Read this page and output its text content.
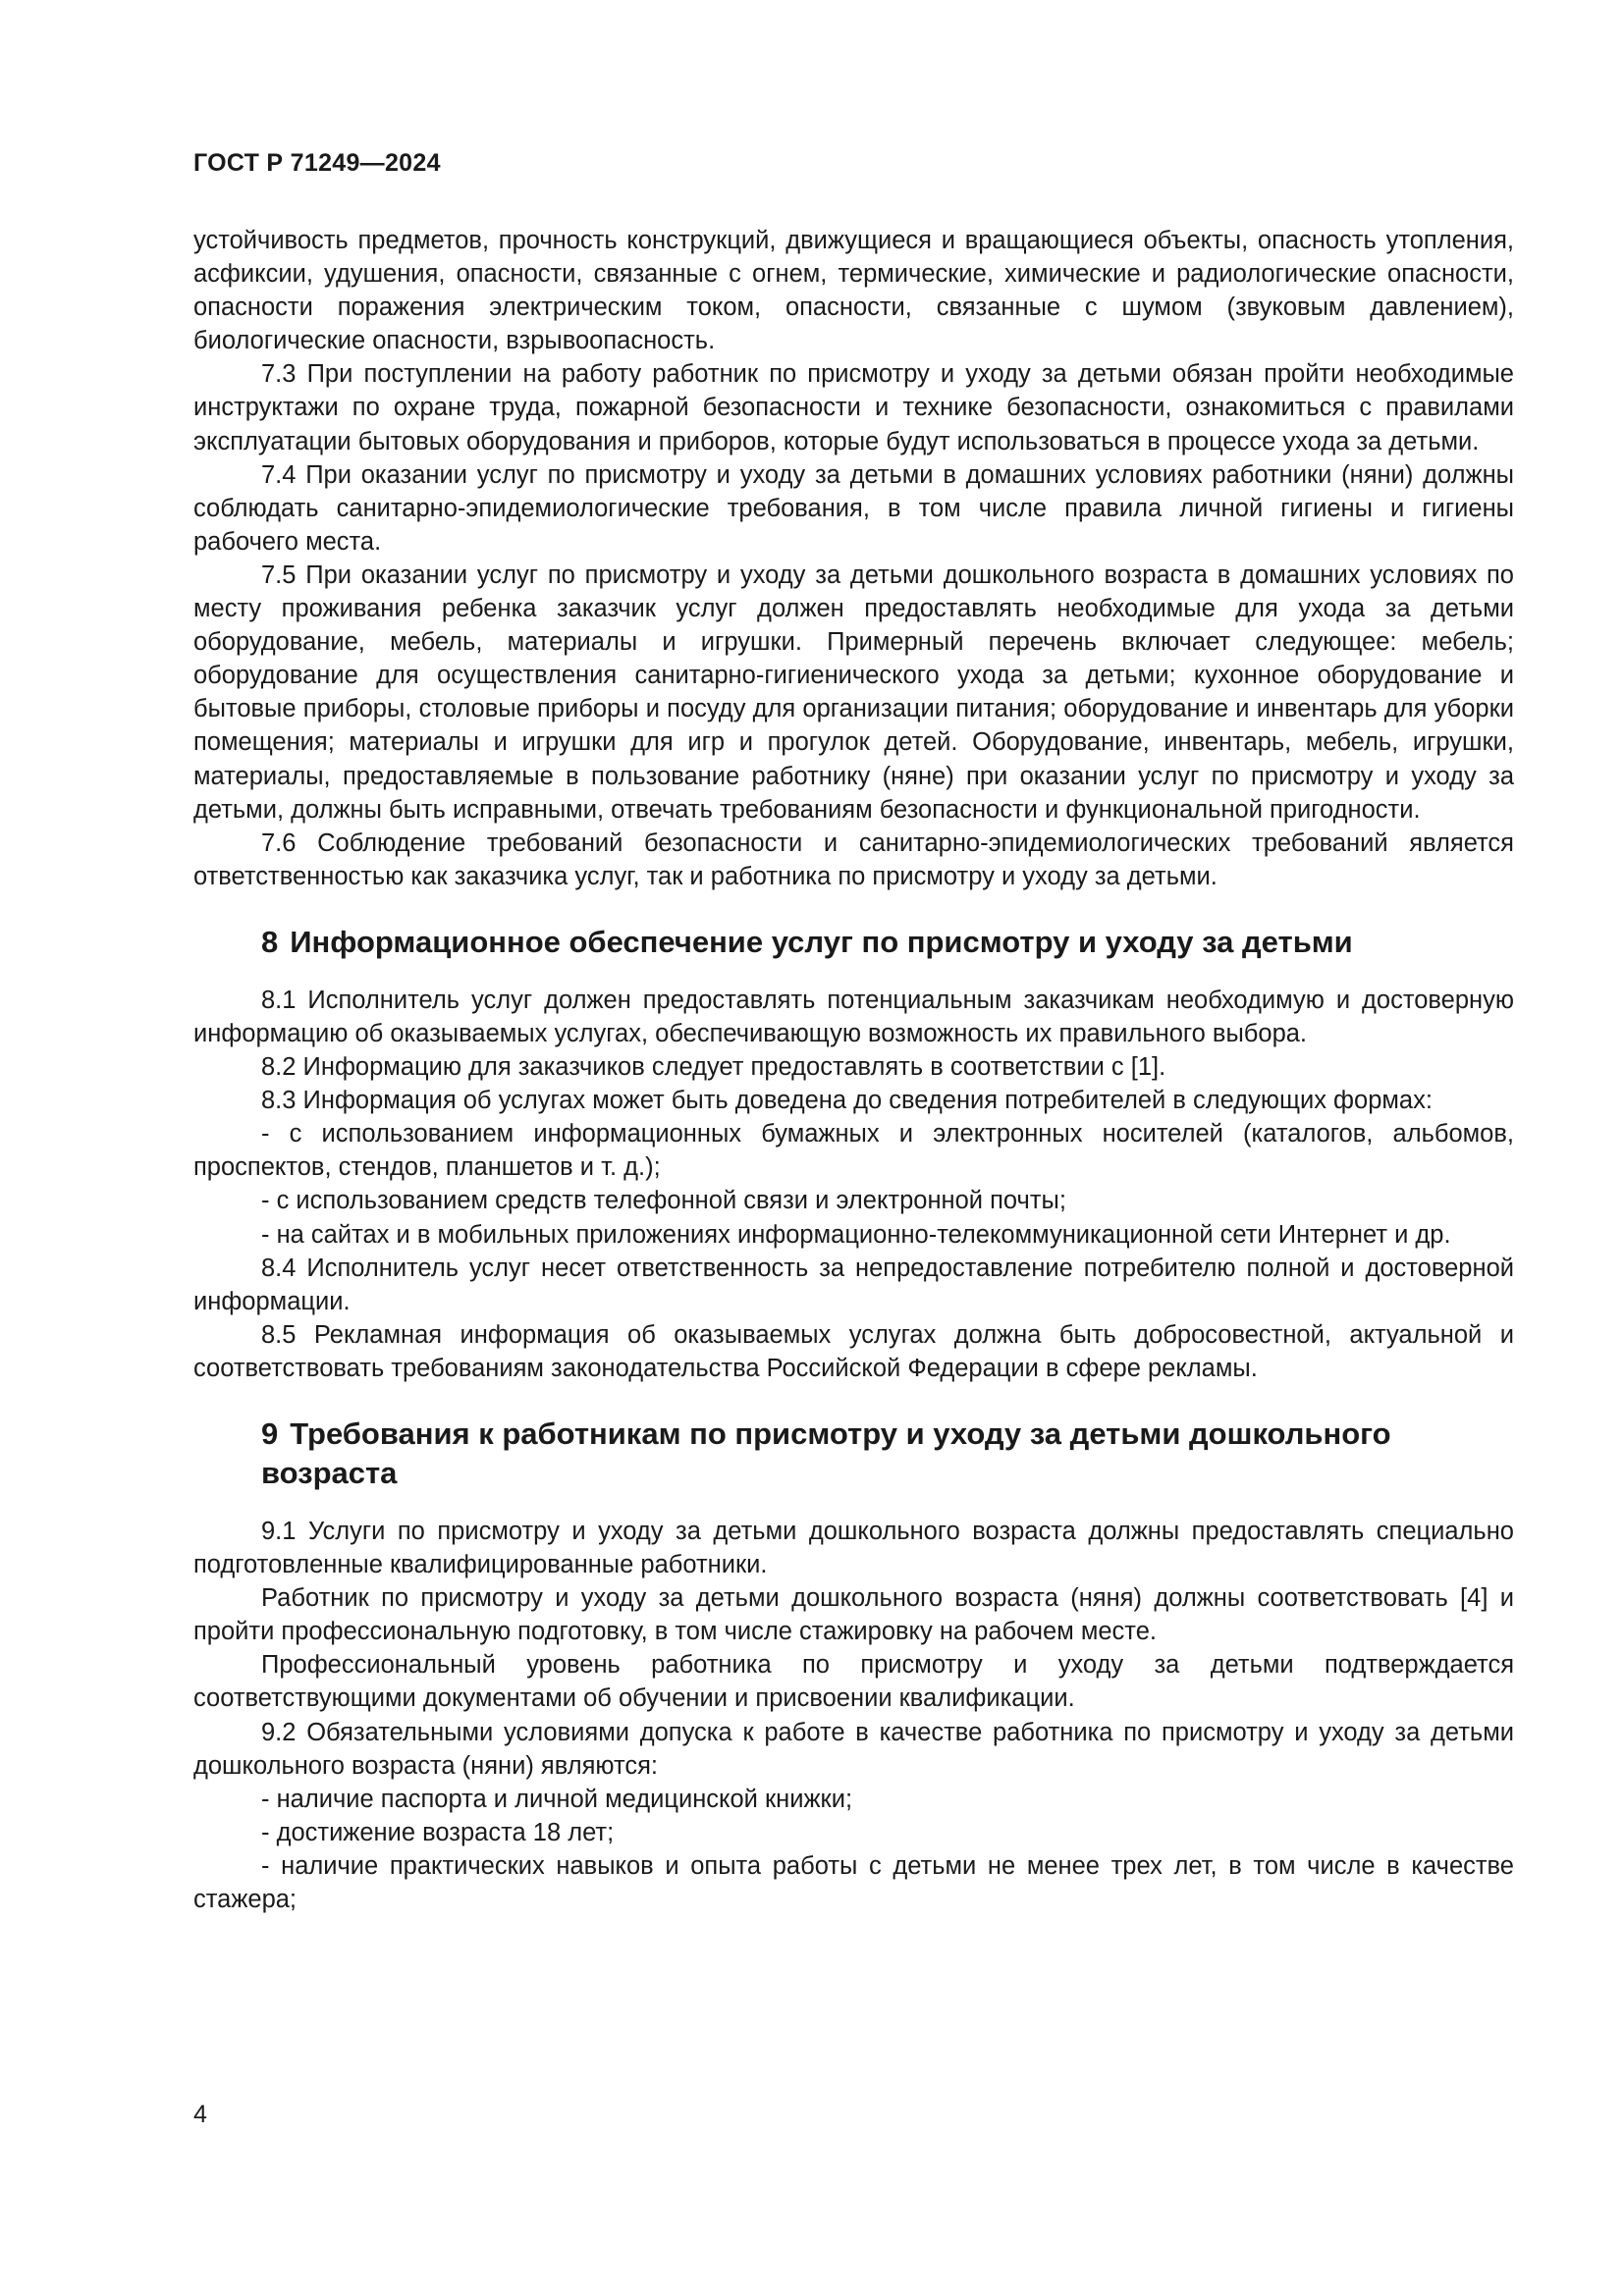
ГОСТ Р 71249—2024

устойчивость предметов, прочность конструкций, движущиеся и вращающиеся объекты, опасность утопления, асфиксии, удушения, опасности, связанные с огнем, термические, химические и радиологические опасности, опасности поражения электрическим током, опасности, связанные с шумом (звуковым давлением), биологические опасности, взрывоопасность.

7.3 При поступлении на работу работник по присмотру и уходу за детьми обязан пройти необходимые инструктажи по охране труда, пожарной безопасности и технике безопасности, ознакомиться с правилами эксплуатации бытовых оборудования и приборов, которые будут использоваться в процессе ухода за детьми.

7.4 При оказании услуг по присмотру и уходу за детьми в домашних условиях работники (няни) должны соблюдать санитарно-эпидемиологические требования, в том числе правила личной гигиены и гигиены рабочего места.

7.5 При оказании услуг по присмотру и уходу за детьми дошкольного возраста в домашних условиях по месту проживания ребенка заказчик услуг должен предоставлять необходимые для ухода за детьми оборудование, мебель, материалы и игрушки. Примерный перечень включает следующее: мебель; оборудование для осуществления санитарно-гигиенического ухода за детьми; кухонное оборудование и бытовые приборы, столовые приборы и посуду для организации питания; оборудование и инвентарь для уборки помещения; материалы и игрушки для игр и прогулок детей. Оборудование, инвентарь, мебель, игрушки, материалы, предоставляемые в пользование работнику (няне) при оказании услуг по присмотру и уходу за детьми, должны быть исправными, отвечать требованиям безопасности и функциональной пригодности.

7.6 Соблюдение требований безопасности и санитарно-эпидемиологических требований является ответственностью как заказчика услуг, так и работника по присмотру и уходу за детьми.

8 Информационное обеспечение услуг по присмотру и уходу за детьми

8.1 Исполнитель услуг должен предоставлять потенциальным заказчикам необходимую и достоверную информацию об оказываемых услугах, обеспечивающую возможность их правильного выбора.

8.2 Информацию для заказчиков следует предоставлять в соответствии с [1].

8.3 Информация об услугах может быть доведена до сведения потребителей в следующих формах:

- с использованием информационных бумажных и электронных носителей (каталогов, альбомов, проспектов, стендов, планшетов и т. д.);

- с использованием средств телефонной связи и электронной почты;

- на сайтах и в мобильных приложениях информационно-телекоммуникационной сети Интернет и др.

8.4 Исполнитель услуг несет ответственность за непредоставление потребителю полной и достоверной информации.

8.5 Рекламная информация об оказываемых услугах должна быть добросовестной, актуальной и соответствовать требованиям законодательства Российской Федерации в сфере рекламы.

9 Требования к работникам по присмотру и уходу за детьми дошкольного возраста

9.1 Услуги по присмотру и уходу за детьми дошкольного возраста должны предоставлять специально подготовленные квалифицированные работники.

Работник по присмотру и уходу за детьми дошкольного возраста (няня) должны соответствовать [4] и пройти профессиональную подготовку, в том числе стажировку на рабочем месте.

Профессиональный уровень работника по присмотру и уходу за детьми подтверждается соответствующими документами об обучении и присвоении квалификации.

9.2 Обязательными условиями допуска к работе в качестве работника по присмотру и уходу за детьми дошкольного возраста (няни) являются:

- наличие паспорта и личной медицинской книжки;

- достижение возраста 18 лет;

- наличие практических навыков и опыта работы с детьми не менее трех лет, в том числе в качестве стажера;

4
